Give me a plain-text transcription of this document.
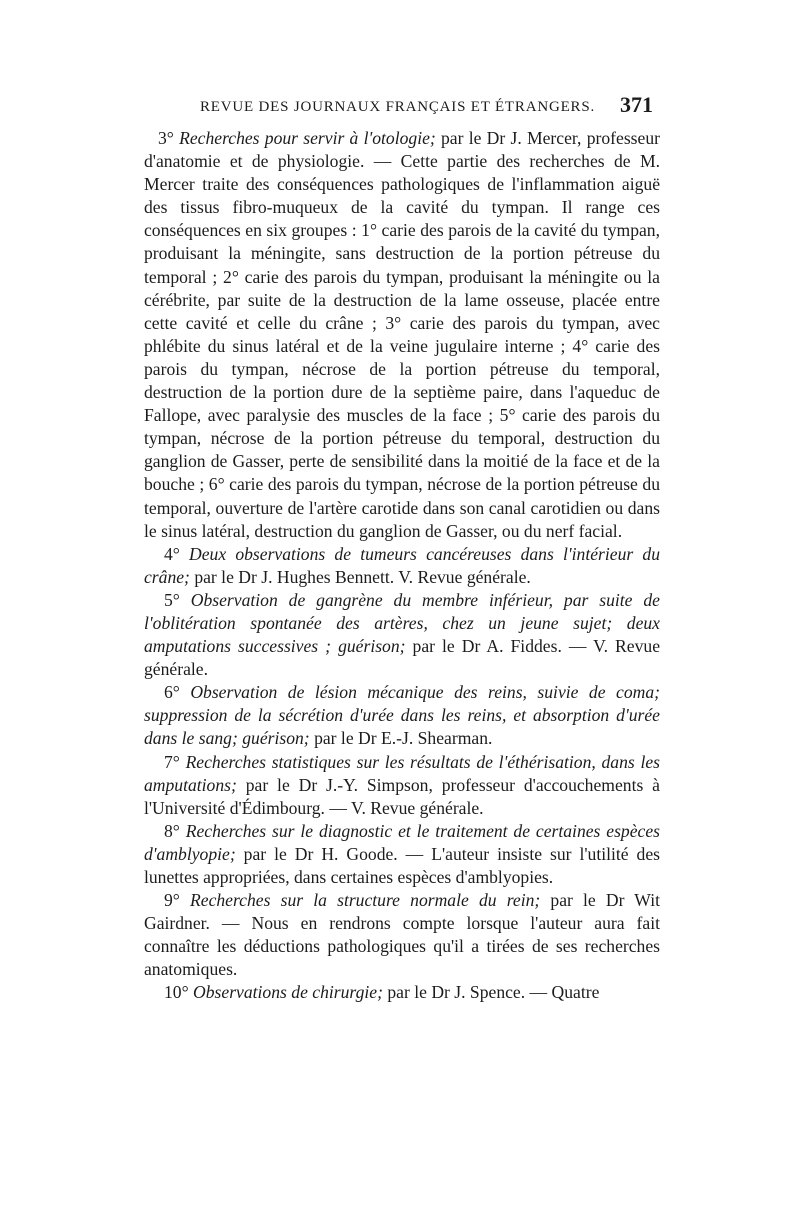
REVUE DES JOURNAUX FRANÇAIS ET ÉTRANGERS. 371

3° Recherches pour servir à l'otologie; par le Dr J. Mercer, professeur d'anatomie et de physiologie. — Cette partie des recherches de M. Mercer traite des conséquences pathologiques de l'inflammation aiguë des tissus fibro-muqueux de la cavité du tympan. Il range ces conséquences en six groupes : 1° carie des parois de la cavité du tympan, produisant la méningite, sans destruction de la portion pétreuse du temporal ; 2° carie des parois du tympan, produisant la méningite ou la cérébrite, par suite de la destruction de la lame osseuse, placée entre cette cavité et celle du crâne ; 3° carie des parois du tympan, avec phlébite du sinus latéral et de la veine jugulaire interne ; 4° carie des parois du tympan, nécrose de la portion pétreuse du temporal, destruction de la portion dure de la septième paire, dans l'aqueduc de Fallope, avec paralysie des muscles de la face ; 5° carie des parois du tympan, nécrose de la portion pétreuse du temporal, destruction du ganglion de Gasser, perte de sensibilité dans la moitié de la face et de la bouche ; 6° carie des parois du tympan, nécrose de la portion pétreuse du temporal, ouverture de l'artère carotide dans son canal carotidien ou dans le sinus latéral, destruction du ganglion de Gasser, ou du nerf facial.

4° Deux observations de tumeurs cancéreuses dans l'intérieur du crâne; par le Dr J. Hughes Bennett. V. Revue générale.

5° Observation de gangrène du membre inférieur, par suite de l'oblitération spontanée des artères, chez un jeune sujet; deux amputations successives ; guérison; par le Dr A. Fiddes. — V. Revue générale.

6° Observation de lésion mécanique des reins, suivie de coma; suppression de la sécrétion d'urée dans les reins, et absorption d'urée dans le sang; guérison; par le Dr E.-J. Shearman.

7° Recherches statistiques sur les résultats de l'éthérisation, dans les amputations; par le Dr J.-Y. Simpson, professeur d'accouchements à l'Université d'Édimbourg. — V. Revue générale.

8° Recherches sur le diagnostic et le traitement de certaines espèces d'amblyopie; par le Dr H. Goode. — L'auteur insiste sur l'utilité des lunettes appropriées, dans certaines espèces d'amblyopies.

9° Recherches sur la structure normale du rein; par le Dr Wit Gairdner. — Nous en rendrons compte lorsque l'auteur aura fait connaître les déductions pathologiques qu'il a tirées de ses recherches anatomiques.

10° Observations de chirurgie; par le Dr J. Spence. — Quatre
